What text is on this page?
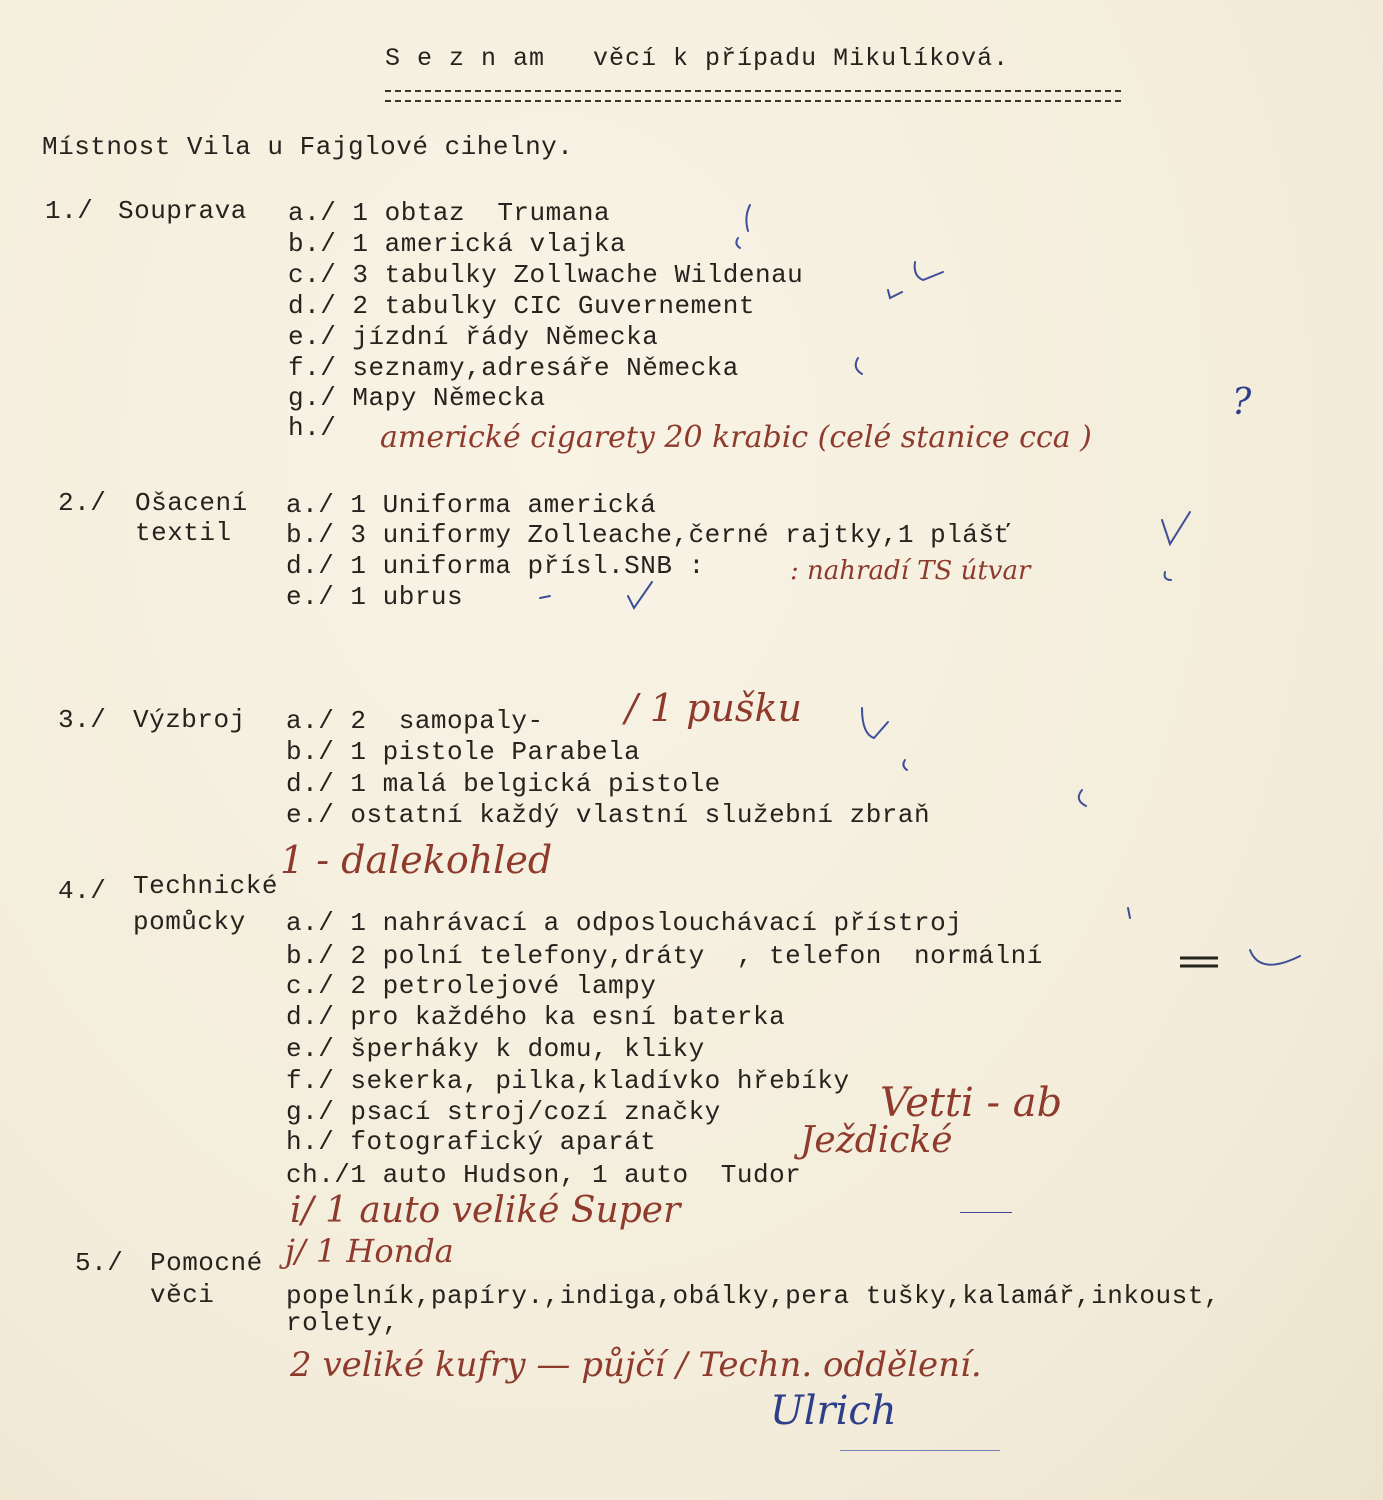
S e z n am   věcí k případu Mikulíková.
Místnost Vila u Fajglové cihelny.
1./ Souprava a./ 1 obtaz  Trumana
b./ 1 americká vlajka
c./ 3 tabulky Zollwache Wildenau
d./ 2 tabulky CIC Guvernement
e./ jízdní řády Německa
f./ seznamy,adresáře Německa
g./ Mapy Německa
h./ americké cigarety 20 krabic (celé stanice cca )
?
2./ Ošacení
textil
a./ 1 Uniforma americká
b./ 3 uniformy Zolleache,černé rajtky,1 plášť
d./ 1 uniforma přísl.SNB :
e./ 1 ubrus
: nahradí TS útvar
3./ Výzbroj a./ 2  samopaly-
b./ 1 pistole Parabela
d./ 1 malá belgická pistole
e./ ostatní každý vlastní služební zbraň
/ 1 pušku
1 - dalekohled
4./ Technické
pomůcky a./ 1 nahrávací a odposlouchávací přístroj
b./ 2 polní telefony,dráty  , telefon  normální
c./ 2 petrolejové lampy
d./ pro každého ka esní baterka
e./ šperháky k domu, kliky
f./ sekerka, pilka,kladívko hřebíky
g./ psací stroj/cozí značky
h./ fotografický aparát
ch./1 auto Hudson, 1 auto  Tudor
Vetti - ab
Ježdické
i/ 1 auto veliké Super
5./ Pomocné
věci
j/ 1 Honda
popelník,papíry.,indiga,obálky,pera tušky,kalamář,inkoust,
rolety,
2 veliké kufry — půjčí / Techn. oddělení.
Ulrich
